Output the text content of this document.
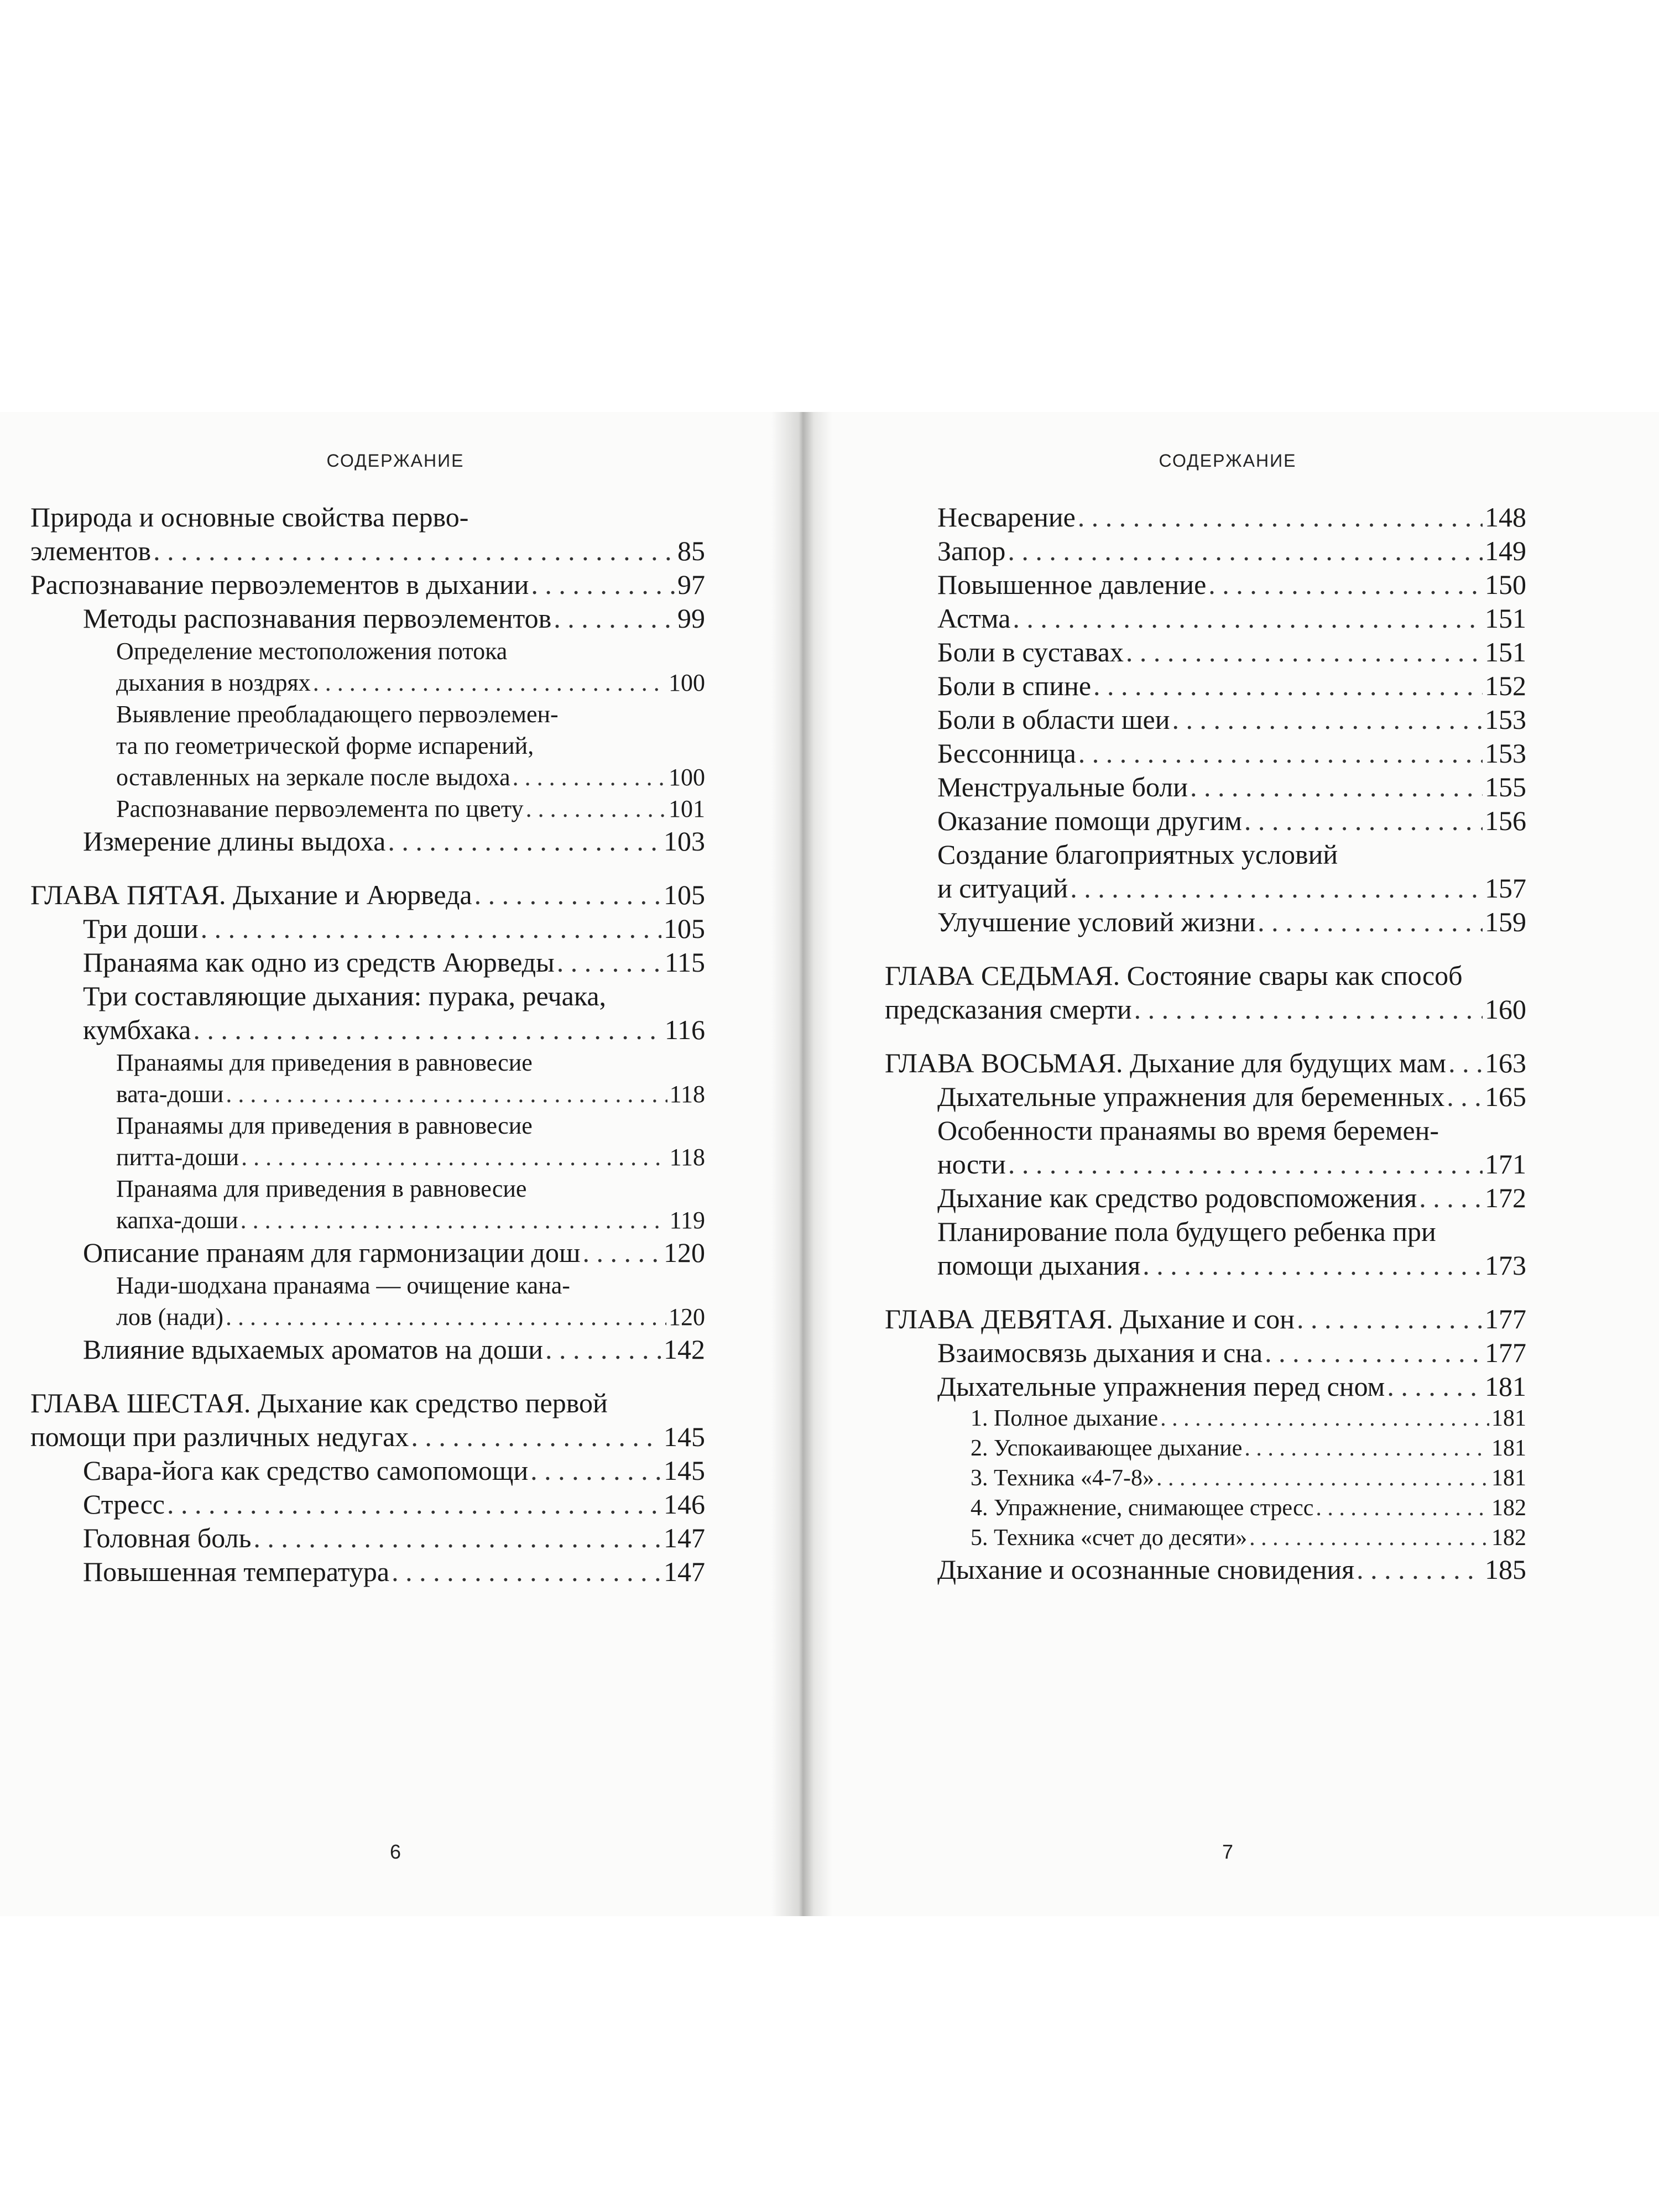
СОДЕРЖАНИЕ
Природа и основные свойства перво-
элементов . . .	85
Распознавание первоэлементов в дыхании . . .	97
Методы распознавания первоэлементов . . .	99
Определение местоположения потока
дыхания в ноздрях . . .	100
Выявление преобладающего первоэлемен-
та по геометрической форме испарений,
оставленных на зеркале после выдоха . . .	100
Распознавание первоэлемента по цвету . . .	101
Измерение длины выдоха . . .	103
ГЛАВА ПЯТАЯ. Дыхание и Аюрведа . . .	105
Три доши . . .	105
Пранаяма как одно из средств Аюрведы . . .	115
Три составляющие дыхания: пурака, речака,
кумбхака . . .	116
Пранаямы для приведения в равновесие
вата-доши . . .	118
Пранаямы для приведения в равновесие
питта-доши . . .	118
Пранаяма для приведения в равновесие
капха-доши . . .	119
Описание пранаям для гармонизации дош . . .	120
Нади-шодхана пранаяма — очищение кана-
лов (нади) . . .	120
Влияние вдыхаемых ароматов на доши . . .	142
ГЛАВА ШЕСТАЯ. Дыхание как средство первой
помощи при различных недугах . . .	145
Свара-йога как средство самопомощи . . .	145
Стресс . . .	146
Головная боль . . .	147
Повышенная температура . . .	147
6
СОДЕРЖАНИЕ
Несварение . . .	148
Запор . . .	149
Повышенное давление . . .	150
Астма . . .	151
Боли в суставах . . .	151
Боли в спине . . .	152
Боли в области шеи . . .	153
Бессонница . . .	153
Менструальные боли . . .	155
Оказание помощи другим . . .	156
Создание благоприятных условий
и ситуаций . . .	157
Улучшение условий жизни . . .	159
ГЛАВА СЕДЬМАЯ. Состояние свары как способ
предсказания смерти . . .	160
ГЛАВА ВОСЬМАЯ. Дыхание для будущих мам . . . 163
Дыхательные упражнения для беременных . . . 165
Особенности пранаямы во время беремен-
ности . . .	171
Дыхание как средство родовспоможения . . . 172
Планирование пола будущего ребенка при
помощи дыхания . . .	173
ГЛАВА ДЕВЯТАЯ. Дыхание и сон . . .	177
Взаимосвязь дыхания и сна . . .	177
Дыхательные упражнения перед сном . . .	181
1. Полное дыхание . . .	181
2. Успокаивающее дыхание . . .	181
3. Техника «4-7-8» . . .	181
4. Упражнение, снимающее стресс . . .	182
5. Техника «счет до десяти» . . .	182
Дыхание и осознанные сновидения . . .	185
7
